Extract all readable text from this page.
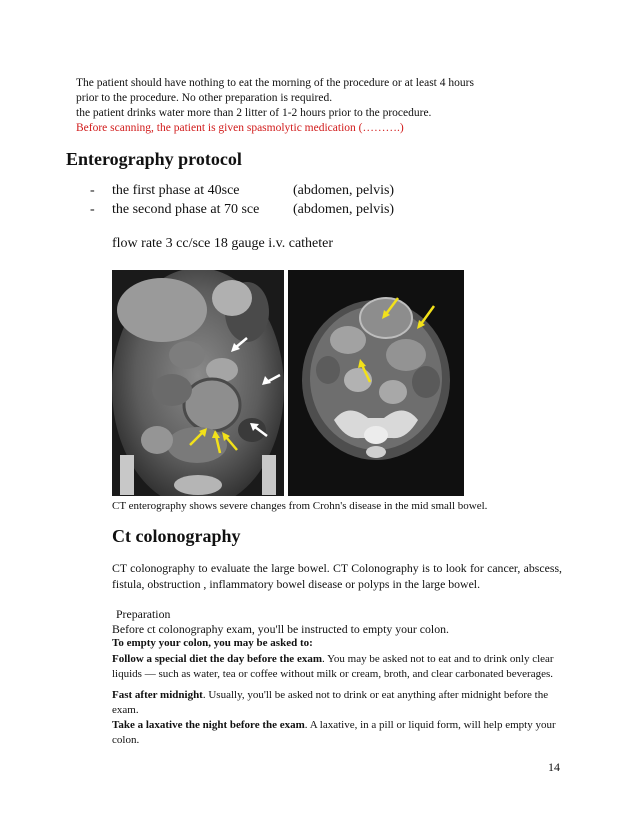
The patient should have nothing to eat the morning of the procedure or at least 4 hours
prior to the procedure. No other preparation is required.
the patient drinks water more than 2 litter of 1-2 hours prior to the procedure.
Before scanning, the patient is given spasmolytic medication (……….)
Enterography protocol
- the first phase at 40sce	(abdomen, pelvis)
- the second phase at 70 sce (abdomen, pelvis)
flow rate 3 cc/sce 18 gauge i.v. catheter
CT enterography shows severe changes from Crohn's disease in the mid small bowel.
Ct colonography
CT colonography to evaluate the large bowel. CT Colonography is to look for cancer, abscess, fistula, obstruction , inflammatory bowel disease or polyps in the large bowel.
Preparation
Before ct colonography exam, you'll be instructed to empty your colon.
To empty your colon, you may be asked to:
Follow a special diet the day before the exam. You may be asked not to eat and to drink only clear liquids — such as water, tea or coffee without milk or cream, broth, and clear carbonated beverages.
Fast after midnight. Usually, you'll be asked not to drink or eat anything after midnight before the exam.
Take a laxative the night before the exam. A laxative, in a pill or liquid form, will help empty your colon.
14
